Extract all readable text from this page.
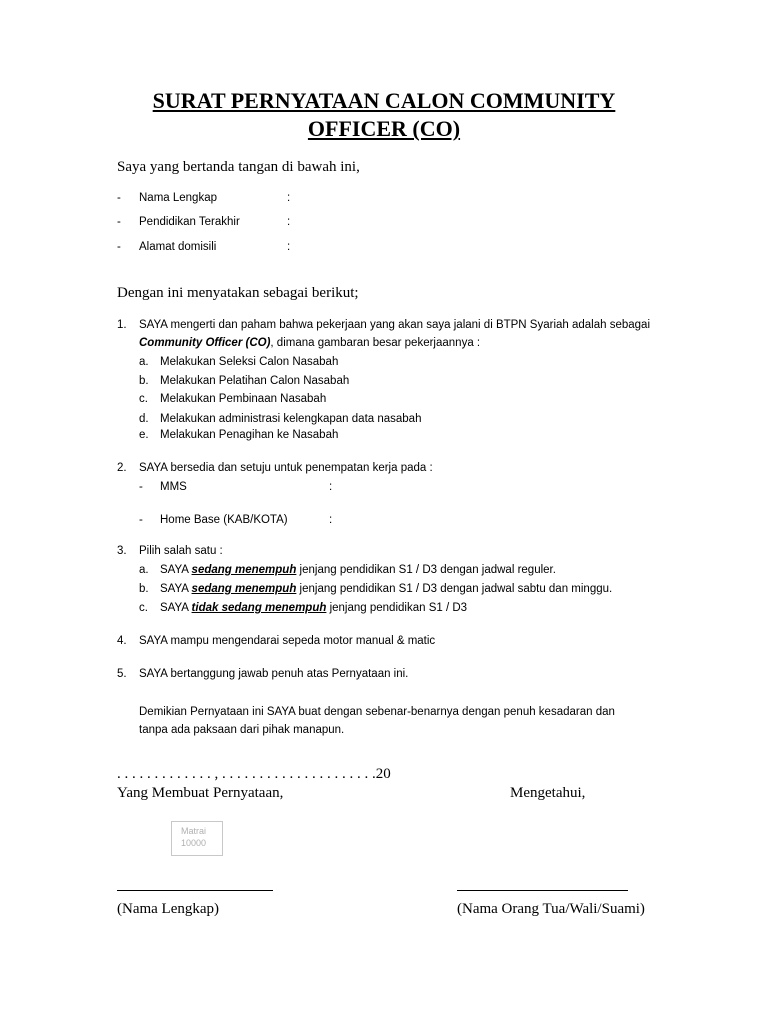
SURAT PERNYATAAN CALON COMMUNITY
OFFICER (CO)
Saya yang bertanda tangan di bawah ini,
- Nama Lengkap	:
- Pendidikan Terakhir	:
- Alamat domisili	:
Dengan ini menyatakan sebagai berikut;
1. SAYA mengerti dan paham bahwa pekerjaan yang akan saya jalani di BTPN Syariah adalah sebagai Community Officer (CO), dimana gambaran besar pekerjaannya :
a. Melakukan Seleksi Calon Nasabah
b. Melakukan Pelatihan Calon Nasabah
c. Melakukan Pembinaan Nasabah
d. Melakukan administrasi kelengkapan data nasabah
e. Melakukan Penagihan ke Nasabah
2. SAYA bersedia dan setuju untuk penempatan kerja pada :
- MMS	:
- Home Base (KAB/KOTA)	:
3. Pilih salah satu :
a. SAYA sedang menempuh jenjang pendidikan S1 / D3 dengan jadwal reguler.
b. SAYA sedang menempuh jenjang pendidikan S1 / D3 dengan jadwal sabtu dan minggu.
c. SAYA tidak sedang menempuh jenjang pendidikan S1 / D3
4. SAYA mampu mengendarai sepeda motor manual & matic
5. SAYA bertanggung jawab penuh atas Pernyataan ini.
Demikian Pernyataan ini SAYA buat dengan sebenar-benarnya dengan penuh kesadaran dan tanpa ada paksaan dari pihak manapun.
. . . . . . . . . . . . . , . . . . . . . . . . . . . . . . . . . . .20
Yang Membuat Pernyataan,	Mengetahui,
Matrai
10000
(Nama Lengkap)	(Nama Orang Tua/Wali/Suami)
